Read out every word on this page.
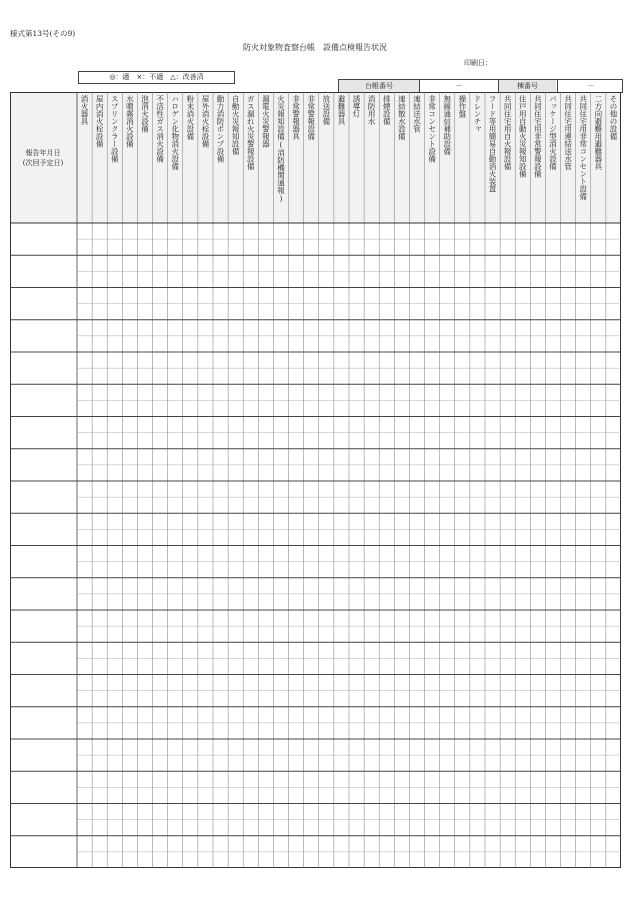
様式第13号(その9)
防火対象物査察台帳　設備点検報告状況
印刷日：
◎：適　×：不適　△：改善済
台帳番号	－	棟番号	－
報告年月日
(次回予定日)
消火器具 屋内消火栓設備 スプリンクラー設備 水噴霧消火設備 泡消火設備 不活性ガス消火設備 ハロゲン化物消火設備 粉末消火設備 屋外消火栓設備 動力消防ポンプ設備 自動火災報知設備 ガス漏れ火災警報設備 漏電火災警報器 火災報知設備(消防機関通報) 非常警報器具 非常警報設備 放送設備 避難器具 誘導灯 消防用水 排煙設備 連結散水設備 連結送水管 非常コンセント設備 無線通信補助設備 操作盤 ドレンチャ フード等用簡易自動消火装置 共同住宅用自火報設備 住戸用自動火災報知設備 共同住宅用非常警報設備 パッケージ型消火設備 共同住宅用連結送水管 共同住宅用非常コンセント設備 二方向避難用避難器具 その他の設備
